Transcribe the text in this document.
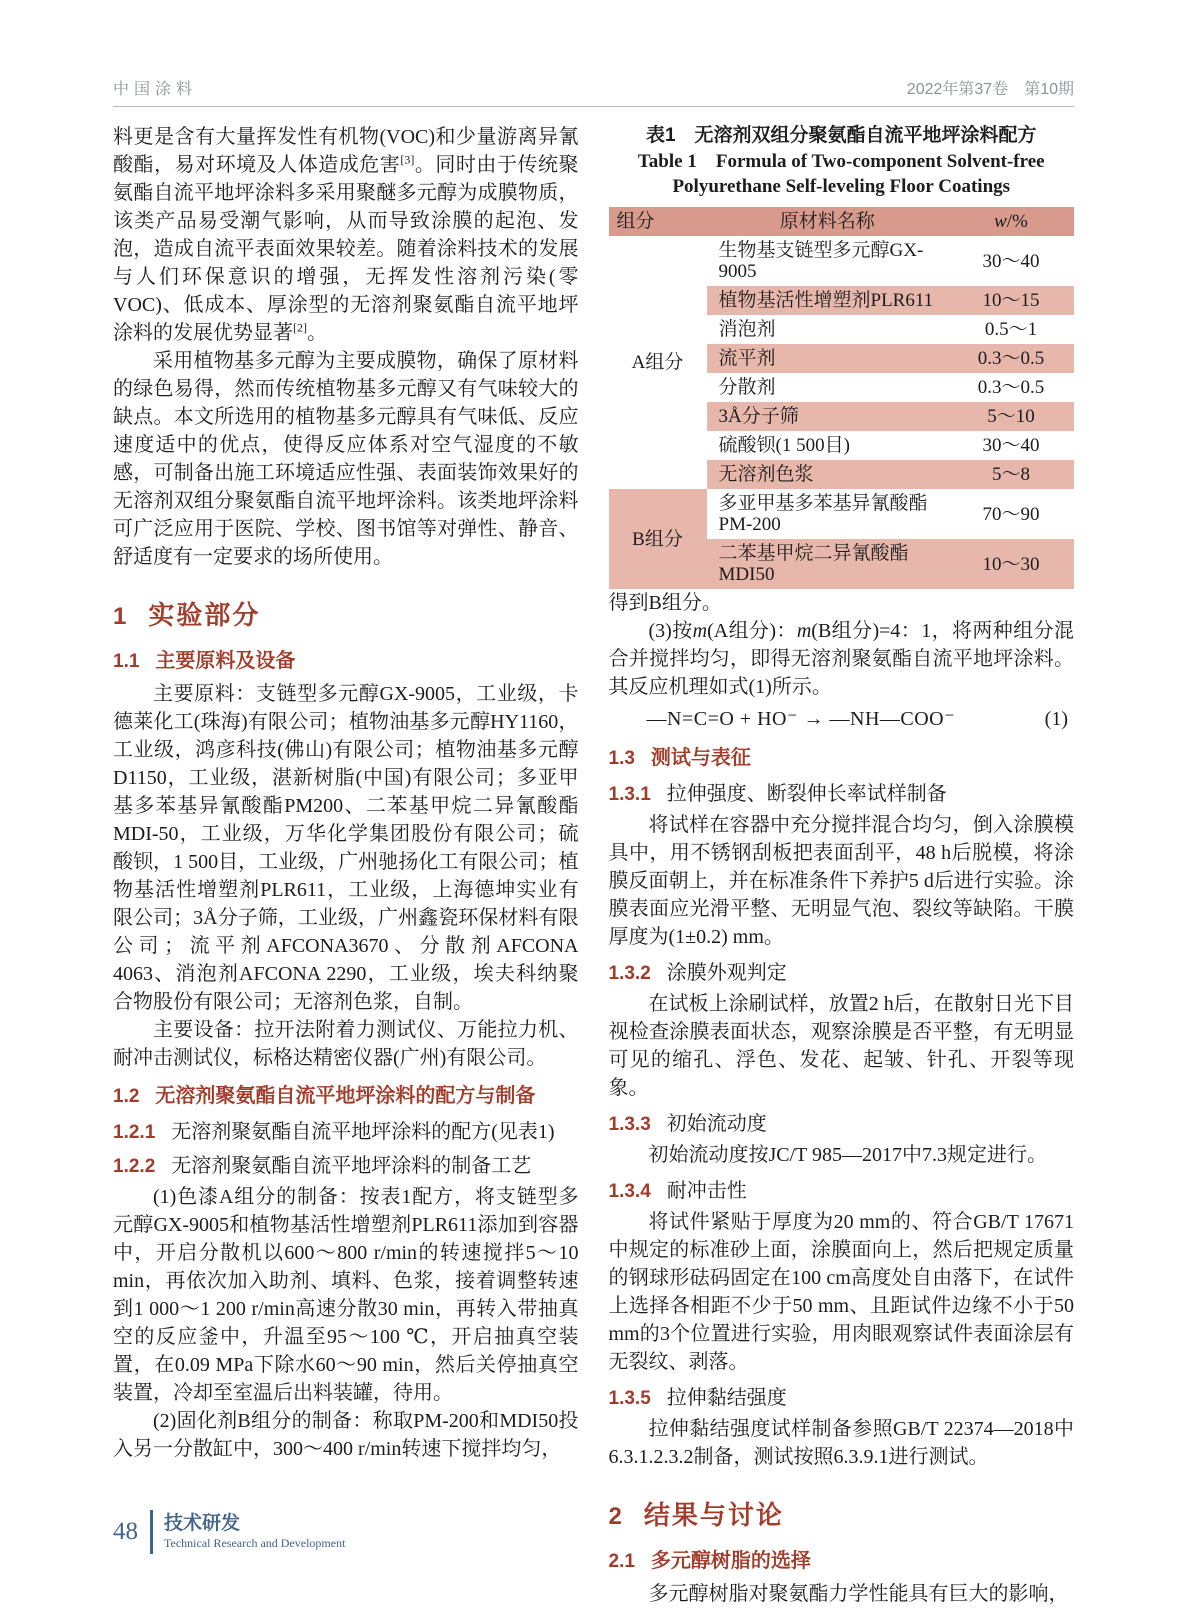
中国涂料	2022年第37卷　第10期

料更是含有大量挥发性有机物(VOC)和少量游离异氰酸酯，易对环境及人体造成危害[3]。同时由于传统聚氨酯自流平地坪涂料多采用聚醚多元醇为成膜物质，该类产品易受潮气影响，从而导致涂膜的起泡、发泡，造成自流平表面效果较差。随着涂料技术的发展与人们环保意识的增强，无挥发性溶剂污染(零VOC)、低成本、厚涂型的无溶剂聚氨酯自流平地坪涂料的发展优势显著[2]。

采用植物基多元醇为主要成膜物，确保了原材料的绿色易得，然而传统植物基多元醇又有气味较大的缺点。本文所选用的植物基多元醇具有气味低、反应速度适中的优点，使得反应体系对空气湿度的不敏感，可制备出施工环境适应性强、表面装饰效果好的无溶剂双组分聚氨酯自流平地坪涂料。该类地坪涂料可广泛应用于医院、学校、图书馆等对弹性、静音、舒适度有一定要求的场所使用。

1 实验部分
1.1 主要原料及设备

主要原料：支链型多元醇GX-9005，工业级，卡德莱化工(珠海)有限公司；植物油基多元醇HY1160，工业级，鸿彦科技(佛山)有限公司；植物油基多元醇D1150，工业级，湛新树脂(中国)有限公司；多亚甲基多苯基异氰酸酯PM200、二苯基甲烷二异氰酸酯MDI-50，工业级，万华化学集团股份有限公司；硫酸钡，1 500目，工业级，广州驰扬化工有限公司；植物基活性增塑剂PLR611，工业级，上海德坤实业有限公司；3Å分子筛，工业级，广州鑫瓷环保材料有限公司；流平剂AFCONA3670、分散剂AFCONA 4063、消泡剂AFCONA 2290，工业级，埃夫科纳聚合物股份有限公司；无溶剂色浆，自制。

主要设备：拉开法附着力测试仪、万能拉力机、耐冲击测试仪，标格达精密仪器(广州)有限公司。

1.2 无溶剂聚氨酯自流平地坪涂料的配方与制备
1.2.1 无溶剂聚氨酯自流平地坪涂料的配方(见表1)
1.2.2 无溶剂聚氨酯自流平地坪涂料的制备工艺

(1)色漆A组分的制备：按表1配方，将支链型多元醇GX-9005和植物基活性增塑剂PLR611添加到容器中，开启分散机以600～800 r/min的转速搅拌5～10 min，再依次加入助剂、填料、色浆，接着调整转速到1 000～1 200 r/min高速分散30 min，再转入带抽真空的反应釜中，升温至95～100 ℃，开启抽真空装置，在0.09 MPa下除水60～90 min，然后关停抽真空装置，冷却至室温后出料装罐，待用。

(2)固化剂B组分的制备：称取PM-200和MDI50投入另一分散缸中，300～400 r/min转速下搅拌均匀，

表1　无溶剂双组分聚氨酯自流平地坪涂料配方
Table 1　Formula of Two-component Solvent-free
Polyurethane Self-leveling Floor Coatings
组分	原材料名称	w/%
A组分	生物基支链型多元醇GX-9005	30～40
	植物基活性增塑剂PLR611	10～15
	消泡剂	0.5～1
	流平剂	0.3～0.5
	分散剂	0.3～0.5
	3Å分子筛	5～10
	硫酸钡(1 500目)	30～40
	无溶剂色浆	5～8
B组分	多亚甲基多苯基异氰酸酯PM-200	70～90
	二苯基甲烷二异氰酸酯MDI50	10～30

得到B组分。

(3)按m(A组分)：m(B组分)=4：1，将两种组分混合并搅拌均匀，即得无溶剂聚氨酯自流平地坪涂料。其反应机理如式(1)所示。

—N=C=O + HO⁻ → —NH—COO⁻	(1)
1.3 测试与表征
1.3.1 拉伸强度、断裂伸长率试样制备

将试样在容器中充分搅拌混合均匀，倒入涂膜模具中，用不锈钢刮板把表面刮平，48 h后脱模，将涂膜反面朝上，并在标准条件下养护5 d后进行实验。涂膜表面应光滑平整、无明显气泡、裂纹等缺陷。干膜厚度为(1±0.2) mm。

1.3.2 涂膜外观判定

在试板上涂刷试样，放置2 h后，在散射日光下目视检查涂膜表面状态，观察涂膜是否平整，有无明显可见的缩孔、浮色、发花、起皱、针孔、开裂等现象。

1.3.3 初始流动度

初始流动度按JC/T 985—2017中7.3规定进行。

1.3.4 耐冲击性

将试件紧贴于厚度为20 mm的、符合GB/T 17671中规定的标准砂上面，涂膜面向上，然后把规定质量的钢球形砝码固定在100 cm高度处自由落下，在试件上选择各相距不少于50 mm、且距试件边缘不小于50 mm的3个位置进行实验，用肉眼观察试件表面涂层有无裂纹、剥落。

1.3.5 拉伸黏结强度

拉伸黏结强度试样制备参照GB/T 22374—2018中6.3.1.2.3.2制备，测试按照6.3.9.1进行测试。

2 结果与讨论
2.1 多元醇树脂的选择

多元醇树脂对聚氨酯力学性能具有巨大的影响，

48 技术研发
Technical Research and Development
